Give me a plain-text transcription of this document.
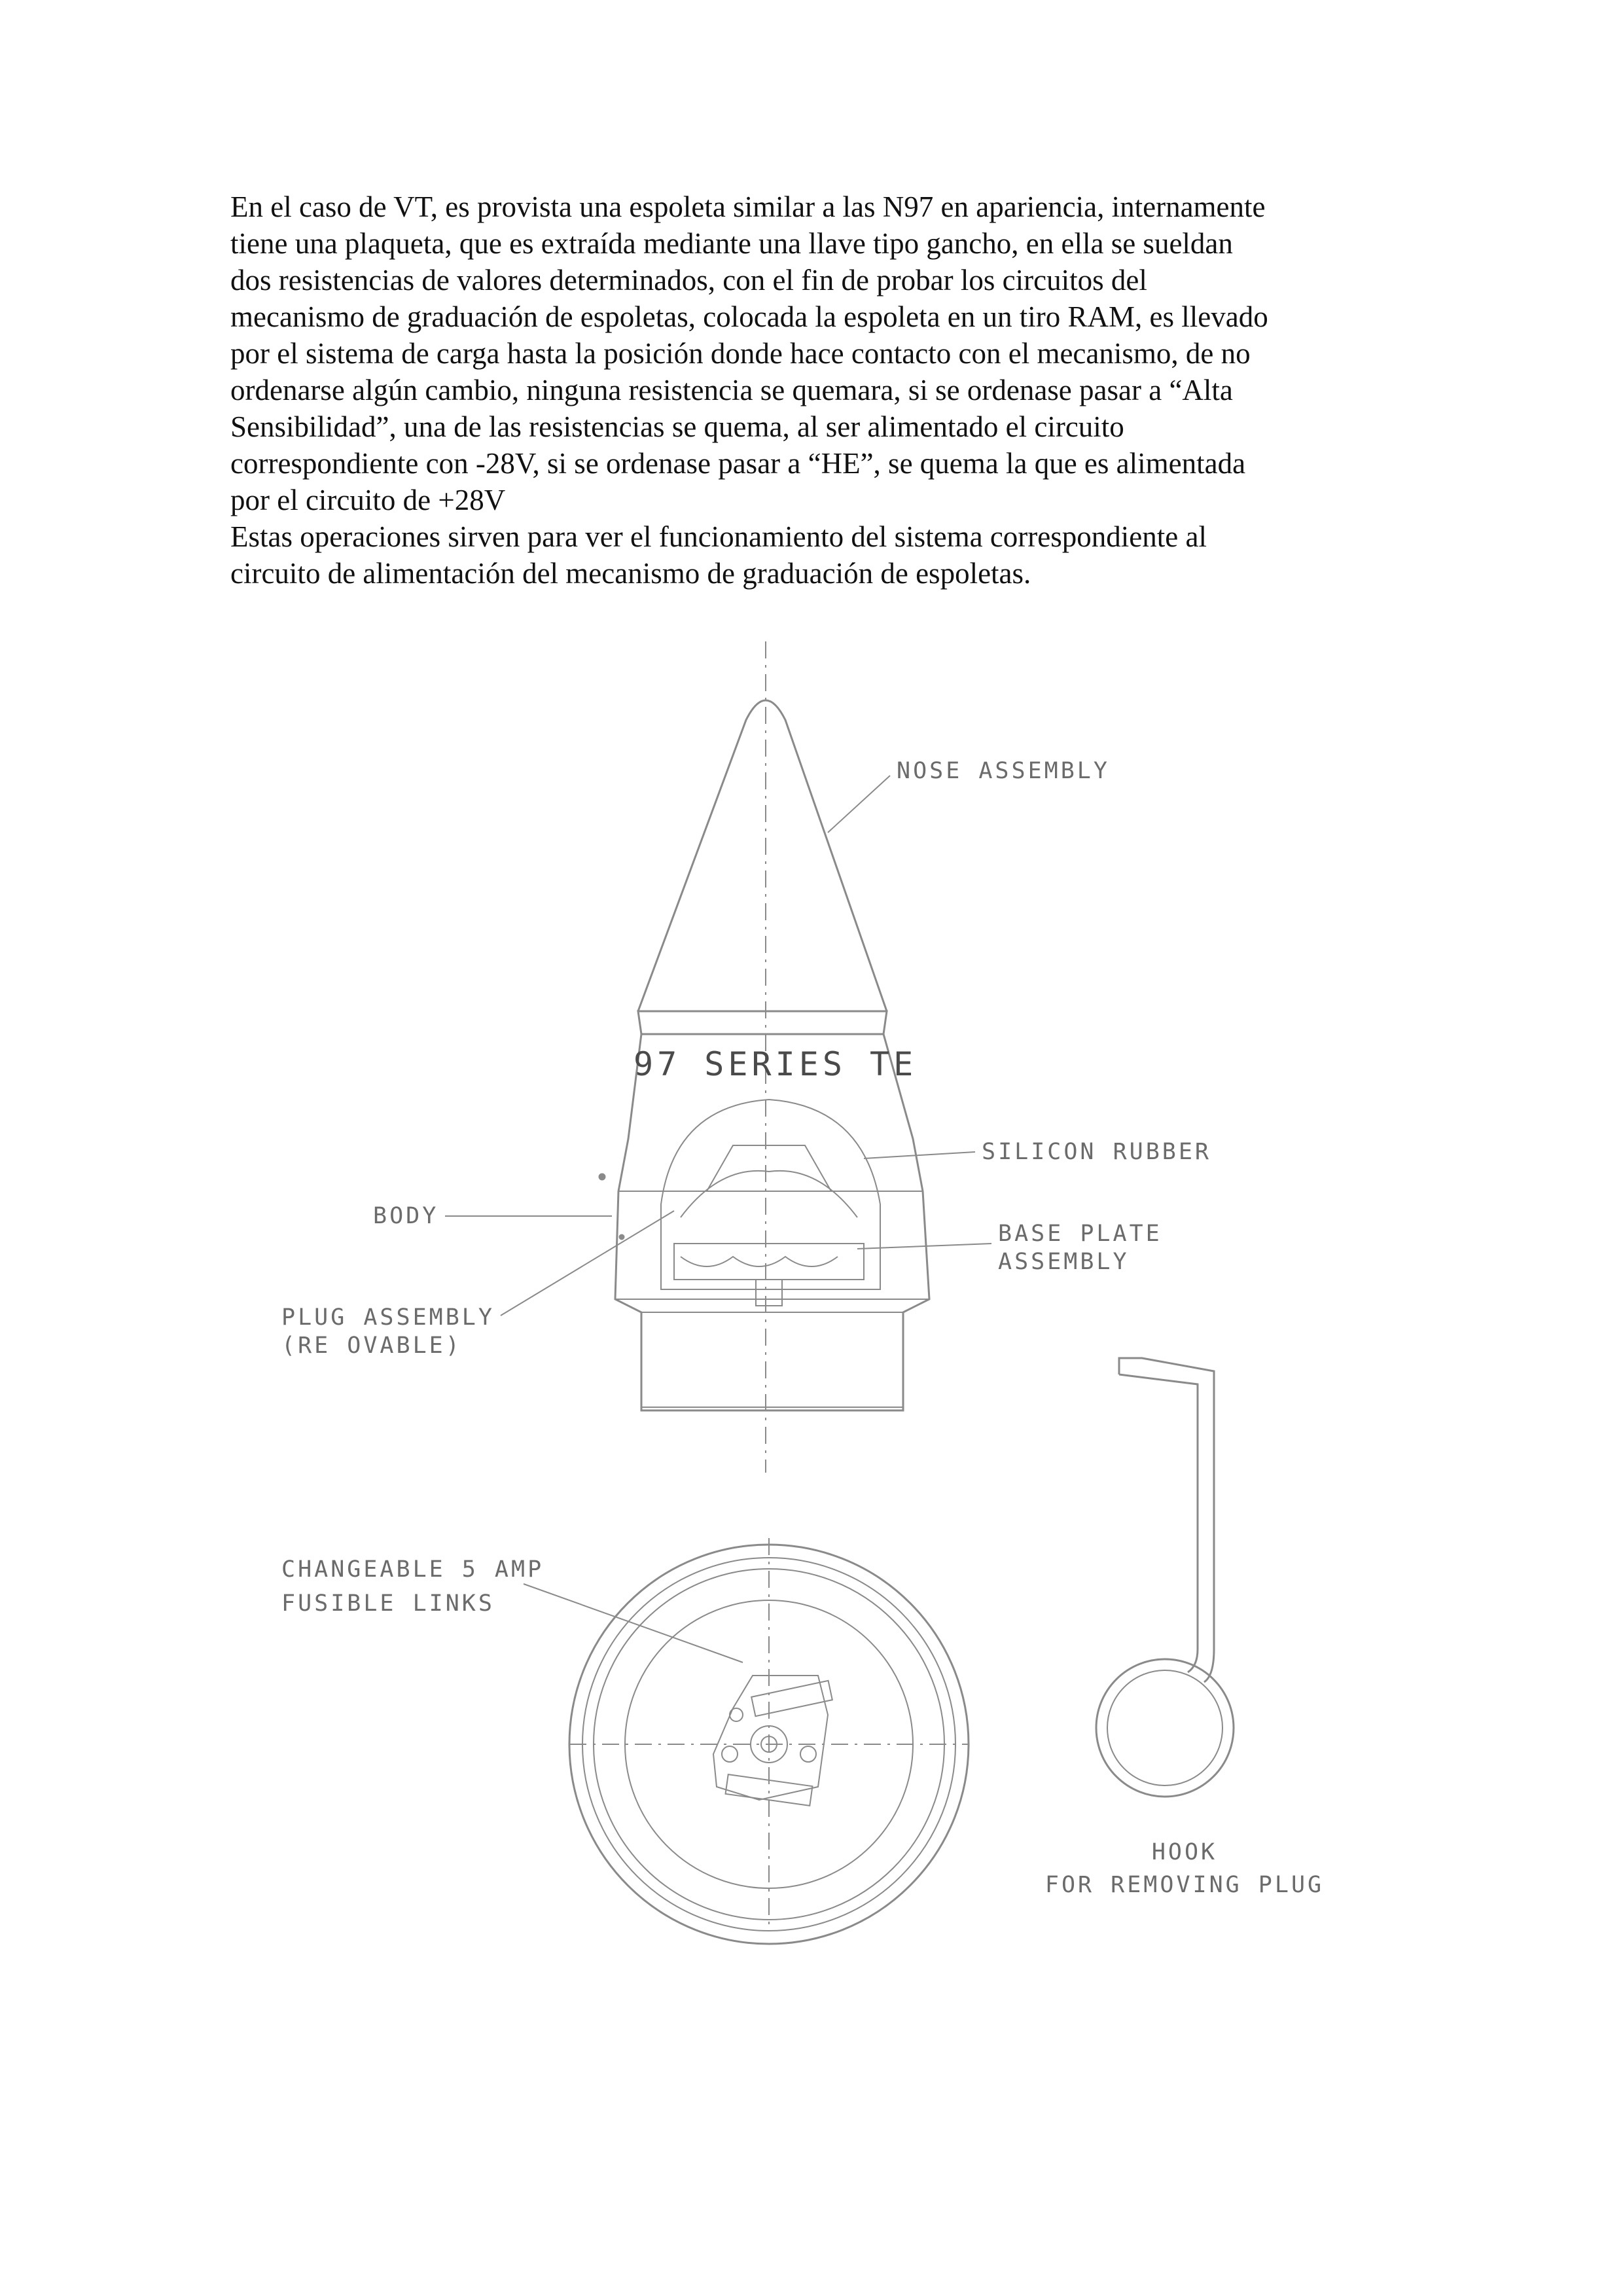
En el caso de VT, es provista una espoleta similar a las N97 en apariencia, internamente
tiene una plaqueta, que es extraída mediante una llave tipo gancho, en ella se sueldan
dos resistencias de valores determinados, con el fin de probar los circuitos del
mecanismo de graduación de espoletas, colocada la espoleta en un tiro RAM, es llevado
por el sistema de carga hasta la posición donde hace contacto con el mecanismo, de no
ordenarse algún cambio, ninguna resistencia se quemara, si se ordenase pasar a “Alta
Sensibilidad”, una de las resistencias se quema, al ser alimentado el circuito
correspondiente con -28V, si se ordenase pasar a “HE”, se quema la que es alimentada
por el circuito de +28V

Estas operaciones sirven para ver el funcionamiento del sistema correspondiente al
circuito de alimentación del mecanismo de graduación de espoletas.

NOSE ASSEMBLY
97 SERIES TE
SILICON RUBBER
BODY
BASE PLATE
ASSEMBLY
PLUG ASSEMBLY
(RE OVABLE)
CHANGEABLE 5 AMP
FUSIBLE LINKS
HOOK
FOR REMOVING PLUG
